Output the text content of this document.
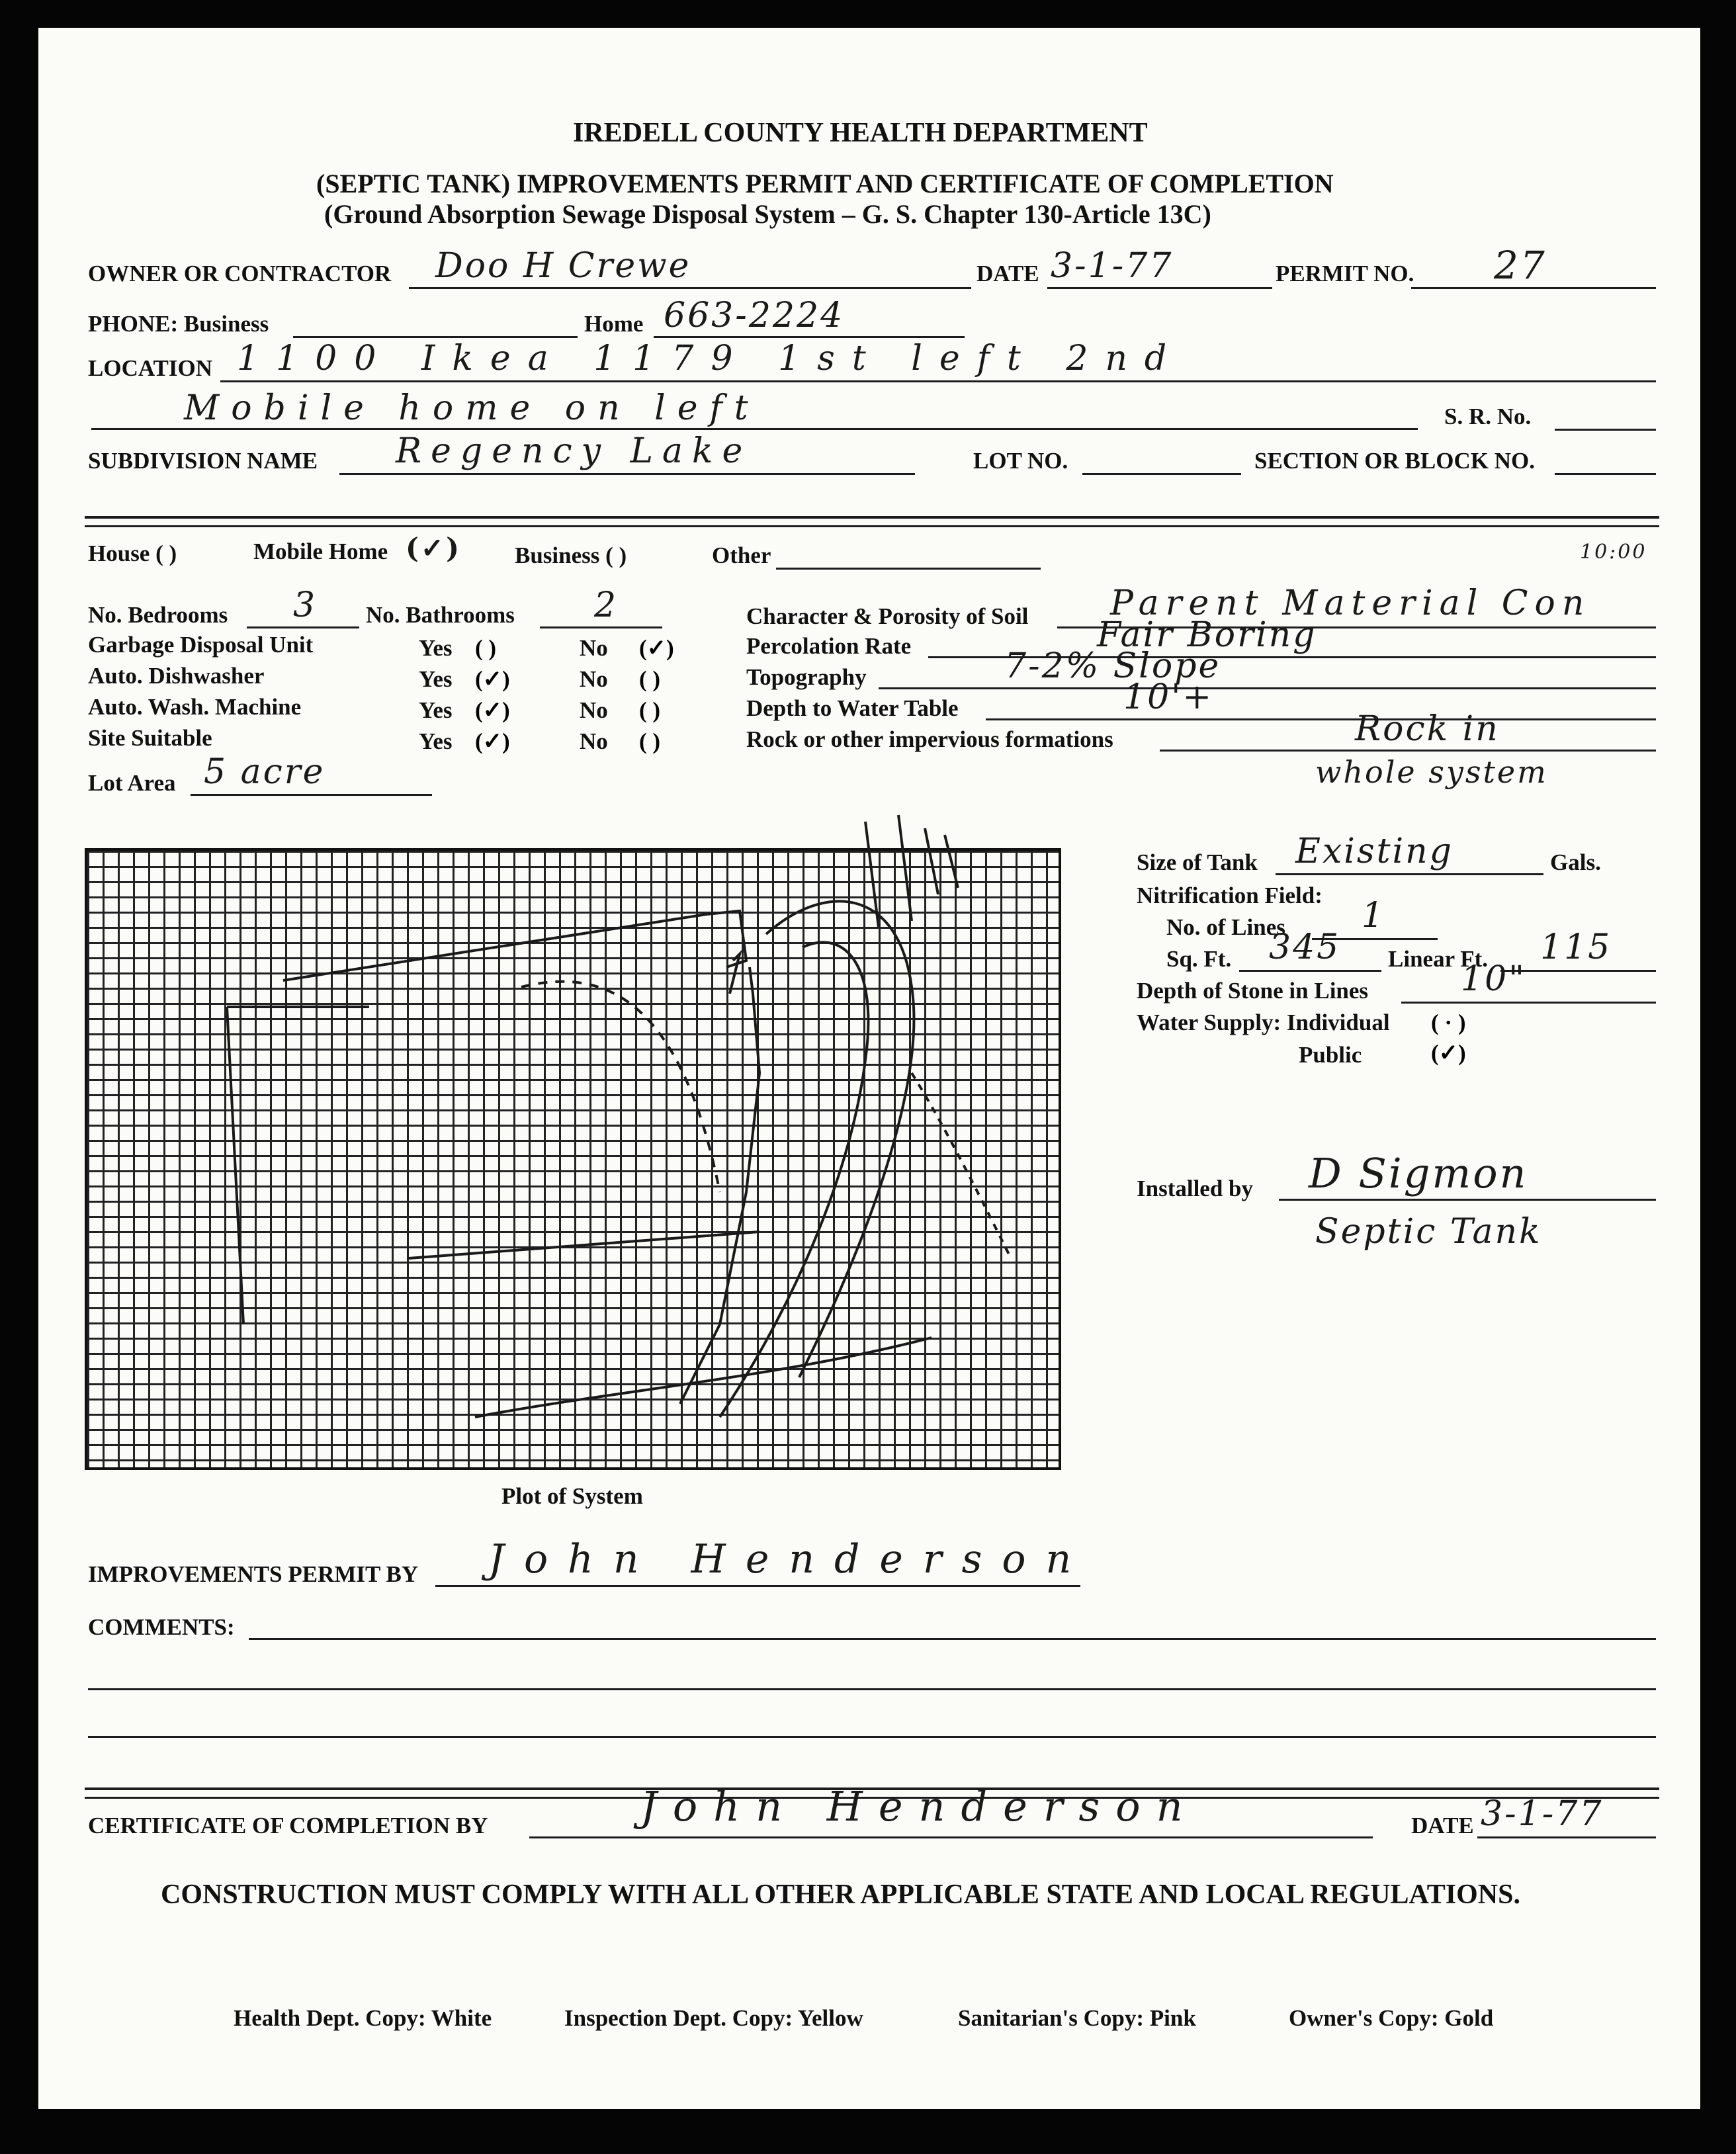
IREDELL COUNTY HEALTH DEPARTMENT
(SEPTIC TANK) IMPROVEMENTS PERMIT AND CERTIFICATE OF COMPLETION
(Ground Absorption Sewage Disposal System – G. S. Chapter 130-Article 13C)
OWNER OR CONTRACTOR Doo H Crewe	DATE 3-1-77	PERMIT NO. 27
PHONE: Business	Home 663-2224
LOCATION 1100 Ikea 1179 1st left 2nd
Mobile home on left	S. R. No.
SUBDIVISION NAME Regency Lake	LOT NO.	SECTION OR BLOCK NO.
House ( )	Mobile Home (✓) Business ( )	Other	10:00
No. Bedrooms 3 No. Bathrooms 2
Garbage Disposal Unit	Yes ( )	No (✓)
Auto. Dishwasher	Yes (✓)	No ( )
Auto. Wash. Machine	Yes (✓)	No ( )
Site Suitable	Yes (✓)	No ( )
Lot Area 5 acre
Character & Porosity of Soil Parent Material Con
Percolation Rate	Fair Boring
Topography	7-2% Slope
Depth to Water Table	10'+
Rock or other impervious formations	Rock in
whole system
Plot of System
Size of Tank Existing	Gals.
Nitrification Field:
No. of Lines 1
Sq. Ft. 345 Linear Ft. 115
Depth of Stone in Lines	10"
Water Supply: Individual ( · )
Public	(✓)
Installed by D Sigmon
Septic Tank
IMPROVEMENTS PERMIT BY John Henderson
COMMENTS:
CERTIFICATE OF COMPLETION BY	John Henderson	DATE 3-1-77
CONSTRUCTION MUST COMPLY WITH ALL OTHER APPLICABLE STATE AND LOCAL REGULATIONS.
Health Dept. Copy: White	Inspection Dept. Copy: Yellow	Sanitarian's Copy: Pink	Owner's Copy: Gold
